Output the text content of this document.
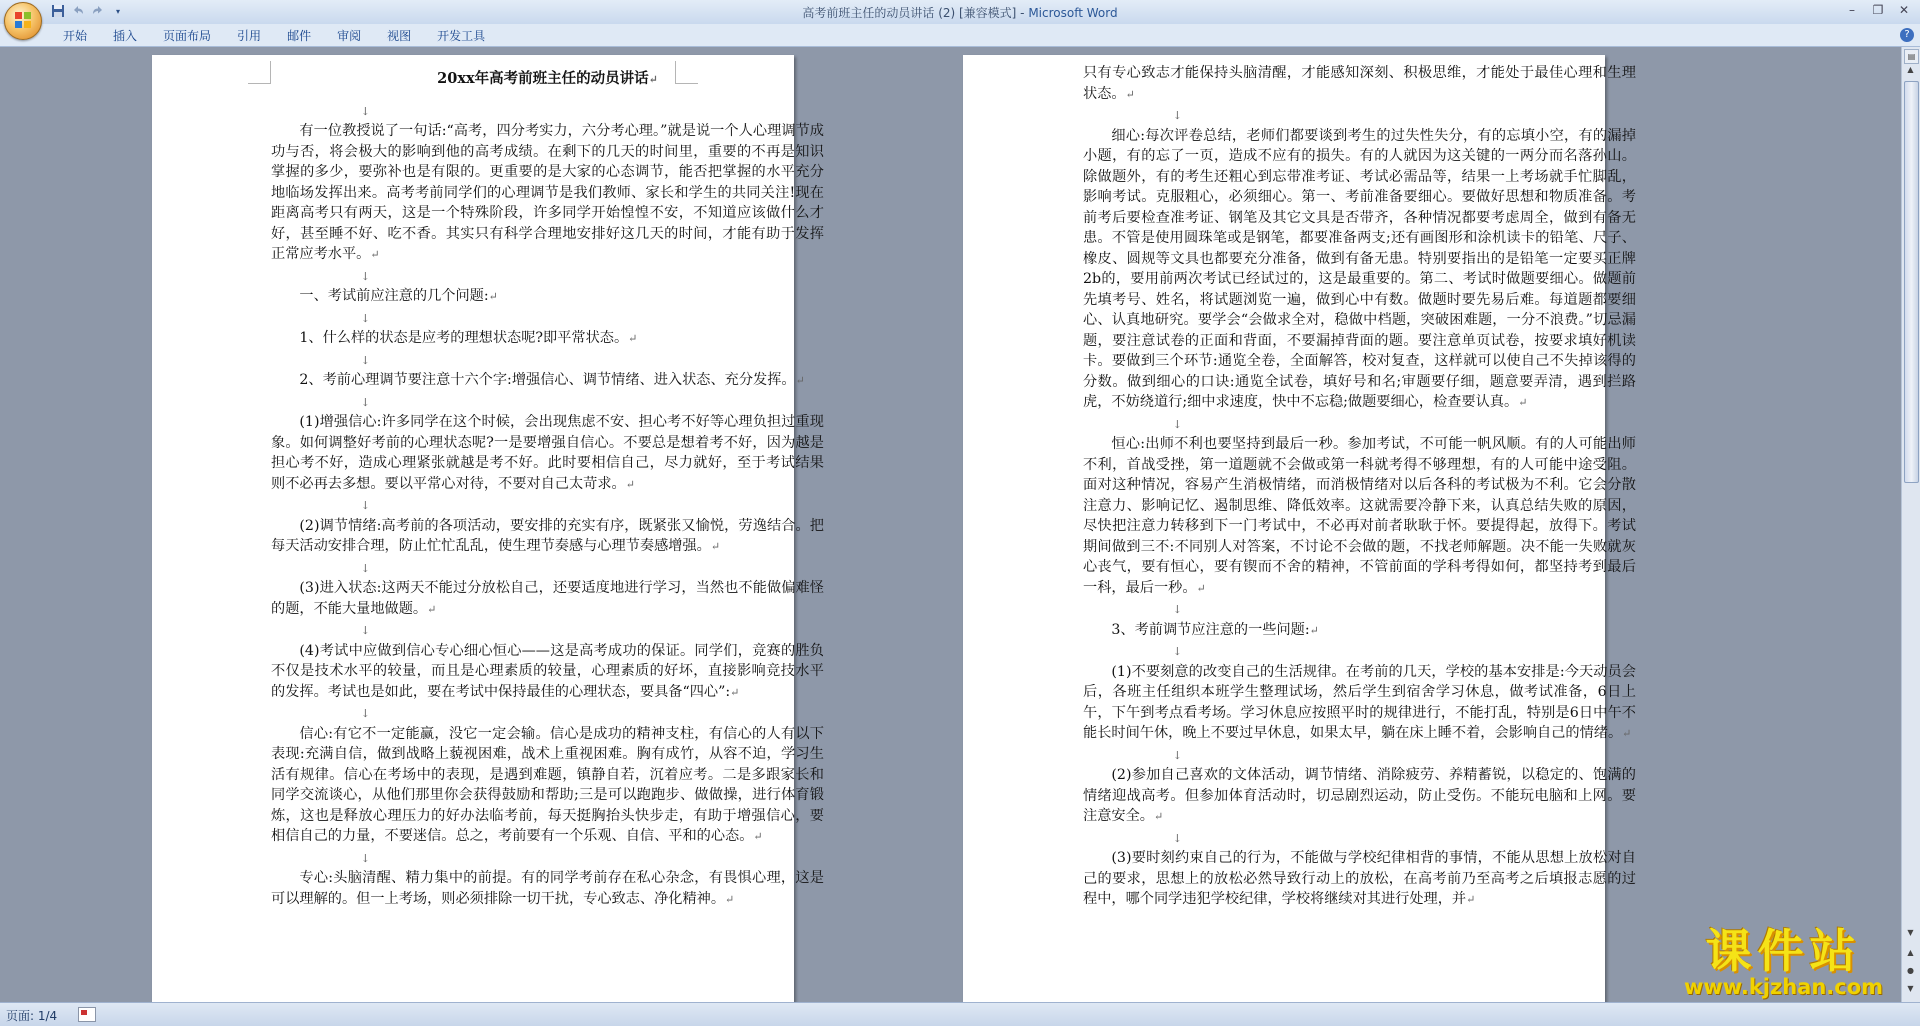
▾	高考前班主任的动员讲话 (2) [兼容模式] - Microsoft Word	–	❐	✕
开始	插入	页面布局	引用	邮件	审阅	视图	开发工具	?

20xx年高考前班主任的动员讲话↵

↓

有一位教授说了一句话:“高考，四分考实力，六分考心理。”就是说一个人心理调节成功与否，将会极大的影响到他的高考成绩。在剩下的几天的时间里，重要的不再是知识掌握的多少，要弥补也是有限的。更重要的是大家的心态调节，能否把掌握的水平充分地临场发挥出来。高考考前同学们的心理调节是我们教师、家长和学生的共同关注!现在距离高考只有两天，这是一个特殊阶段，许多同学开始惶惶不安，不知道应该做什么才好，甚至睡不好、吃不香。其实只有科学合理地安排好这几天的时间，才能有助于发挥正常应考水平。↵

↓

一、考试前应注意的几个问题:↵

↓

1、什么样的状态是应考的理想状态呢?即平常状态。↵

↓

2、考前心理调节要注意十六个字:增强信心、调节情绪、进入状态、充分发挥。↵

↓

(1)增强信心:许多同学在这个时候，会出现焦虑不安、担心考不好等心理负担过重现象。如何调整好考前的心理状态呢?一是要增强自信心。不要总是想着考不好，因为越是担心考不好，造成心理紧张就越是考不好。此时要相信自己，尽力就好，至于考试结果则不必再去多想。要以平常心对待，不要对自己太苛求。↵

↓

(2)调节情绪:高考前的各项活动，要安排的充实有序，既紧张又愉悦，劳逸结合。把每天活动安排合理，防止忙忙乱乱，使生理节奏感与心理节奏感增强。↵

↓

(3)进入状态:这两天不能过分放松自己，还要适度地进行学习，当然也不能做偏难怪的题，不能大量地做题。↵

↓

(4)考试中应做到信心专心细心恒心——这是高考成功的保证。同学们，竞赛的胜负不仅是技术水平的较量，而且是心理素质的较量，心理素质的好坏，直接影响竞技水平的发挥。考试也是如此，要在考试中保持最佳的心理状态，要具备“四心”:↵

↓

信心:有它不一定能赢，没它一定会输。信心是成功的精神支柱，有信心的人有以下表现:充满自信，做到战略上藐视困难，战术上重视困难。胸有成竹，从容不迫，学习生活有规律。信心在考场中的表现，是遇到难题，镇静自若，沉着应考。二是多跟家长和同学交流谈心，从他们那里你会获得鼓励和帮助;三是可以跑跑步、做做操，进行体育锻炼，这也是释放心理压力的好办法临考前，每天挺胸抬头快步走，有助于增强信心，要相信自己的力量，不要迷信。总之，考前要有一个乐观、自信、平和的心态。↵

↓

专心:头脑清醒、精力集中的前提。有的同学考前存在私心杂念，有畏惧心理，这是可以理解的。但一上考场，则必须排除一切干扰，专心致志、净化精神。↵

只有专心致志才能保持头脑清醒，才能感知深刻、积极思维，才能处于最佳心理和生理状态。↵

↓

细心:每次评卷总结，老师们都要谈到考生的过失性失分，有的忘填小空，有的漏掉小题，有的忘了一页，造成不应有的损失。有的人就因为这关键的一两分而名落孙山。除做题外，有的考生还粗心到忘带准考证、考试必需品等，结果一上考场就手忙脚乱，影响考试。克服粗心，必须细心。第一、考前准备要细心。要做好思想和物质准备。考前考后要检查准考证、钢笔及其它文具是否带齐，各种情况都要考虑周全，做到有备无患。不管是使用圆珠笔或是钢笔，都要准备两支;还有画图形和涂机读卡的铅笔、尺子、橡皮、圆规等文具也都要充分准备，做到有备无患。特别要指出的是铅笔一定要买正牌2b的，要用前两次考试已经试过的，这是最重要的。第二、考试时做题要细心。做题前先填考号、姓名，将试题浏览一遍，做到心中有数。做题时要先易后难。每道题都要细心、认真地研究。要学会“会做求全对，稳做中档题，突破困难题，一分不浪费。”切忌漏题，要注意试卷的正面和背面，不要漏掉背面的题。要注意单页试卷，按要求填好机读卡。要做到三个环节:通览全卷，全面解答，校对复查，这样就可以使自己不失掉该得的分数。做到细心的口诀:通览全试卷，填好号和名;审题要仔细，题意要弄清，遇到拦路虎，不妨绕道行;细中求速度，快中不忘稳;做题要细心，检查要认真。↵

↓

恒心:出师不利也要坚持到最后一秒。参加考试，不可能一帆风顺。有的人可能出师不利，首战受挫，第一道题就不会做或第一科就考得不够理想，有的人可能中途受阻。面对这种情况，容易产生消极情绪，而消极情绪对以后各科的考试极为不利。它会分散注意力、影响记忆、遏制思维、降低效率。这就需要冷静下来，认真总结失败的原因，尽快把注意力转移到下一门考试中，不必再对前者耿耿于怀。要提得起，放得下。考试期间做到三不:不同别人对答案，不讨论不会做的题，不找老师解题。决不能一失败就灰心丧气，要有恒心，要有锲而不舍的精神，不管前面的学科考得如何，都坚持考到最后一科，最后一秒。↵

↓

3、考前调节应注意的一些问题:↵

↓

(1)不要刻意的改变自己的生活规律。在考前的几天，学校的基本安排是:今天动员会后，各班主任组织本班学生整理试场，然后学生到宿舍学习休息，做考试准备，6日上午，下午到考点看考场。学习休息应按照平时的规律进行，不能打乱，特别是6日中午不能长时间午休，晚上不要过早休息，如果太早，躺在床上睡不着，会影响自己的情绪。↵

↓

(2)参加自己喜欢的文体活动，调节情绪、消除疲劳、养精蓄锐，以稳定的、饱满的情绪迎战高考。但参加体育活动时，切忌剧烈运动，防止受伤。不能玩电脑和上网。要注意安全。↵

↓

(3)要时刻约束自己的行为，不能做与学校纪律相背的事情，不能从思想上放松对自己的要求，思想上的放松必然导致行动上的放松，在高考前乃至高考之后填报志愿的过程中，哪个同学违犯学校纪律，学校将继续对其进行处理，并↵

▤
▲
▼
▲
●
▼
页面: 1/4
课件站
www.kjzhan.com
